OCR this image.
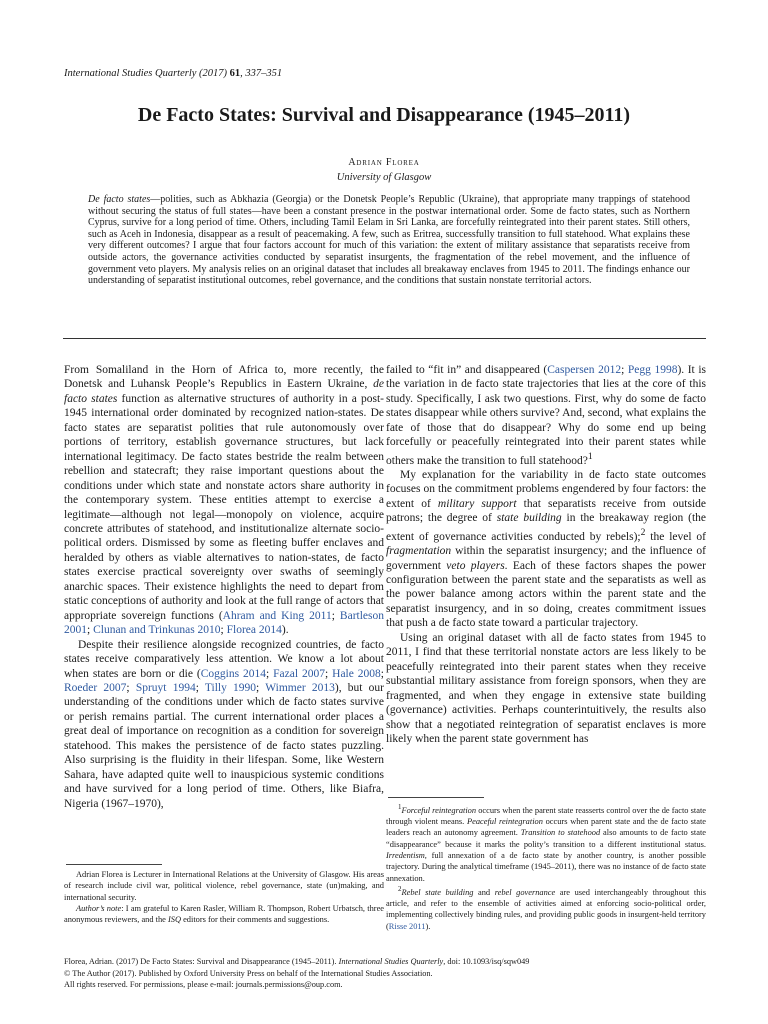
International Studies Quarterly (2017) 61, 337–351
De Facto States: Survival and Disappearance (1945–2011)
Adrian Florea
University of Glasgow

De facto states—polities, such as Abkhazia (Georgia) or the Donetsk People’s Republic (Ukraine), that appropriate many trappings of statehood without securing the status of full states—have been a constant presence in the postwar international order. Some de facto states, such as Northern Cyprus, survive for a long period of time. Others, including Tamil Eelam in Sri Lanka, are forcefully reintegrated into their parent states. Still others, such as Aceh in Indonesia, disappear as a result of peacemaking. A few, such as Eritrea, successfully transition to full statehood. What explains these very different outcomes? I argue that four factors account for much of this variation: the extent of military assistance that separatists receive from outside actors, the governance activities conducted by separatist insurgents, the fragmentation of the rebel movement, and the influence of government veto players. My analysis relies on an original dataset that includes all breakaway enclaves from 1945 to 2011. The findings enhance our understanding of separatist institutional outcomes, rebel governance, and the conditions that sustain nonstate territorial actors.

From Somaliland in the Horn of Africa to, more recently, the Donetsk and Luhansk People’s Republics in Eastern Ukraine, de facto states function as alternative structures of authority in a post-1945 international order dominated by recognized nation-states. De facto states are separatist polities that rule autonomously over portions of territory, establish governance structures, but lack international legitimacy. De facto states bestride the realm between rebellion and statecraft; they raise important questions about the conditions under which state and nonstate actors share authority in the contemporary system. These entities attempt to exercise a legitimate—although not legal—monopoly on violence, acquire concrete attributes of statehood, and institutionalize alternate socio-political orders. Dismissed by some as fleeting buffer enclaves and heralded by others as viable alternatives to nation-states, de facto states exercise practical sovereignty over swaths of seemingly anarchic spaces. Their existence highlights the need to depart from static conceptions of authority and look at the full range of actors that appropriate sovereign functions (Ahram and King 2011; Bartleson 2001; Clunan and Trinkunas 2010; Florea 2014).

Despite their resilience alongside recognized countries, de facto states receive comparatively less attention. We know a lot about when states are born or die (Coggins 2014; Fazal 2007; Hale 2008; Roeder 2007; Spruyt 1994; Tilly 1990; Wimmer 2013), but our understanding of the conditions under which de facto states survive or perish remains partial. The current international order places a great deal of importance on recognition as a condition for sovereign statehood. This makes the persistence of de facto states puzzling. Also surprising is the fluidity in their lifespan. Some, like Western Sahara, have adapted quite well to inauspicious systemic conditions and have survived for a long period of time. Others, like Biafra, Nigeria (1967–1970),

failed to “fit in” and disappeared (Caspersen 2012; Pegg 1998). It is the variation in de facto state trajectories that lies at the core of this study. Specifically, I ask two questions. First, why do some de facto states disappear while others survive? And, second, what explains the fate of those that do disappear? Why do some end up being forcefully or peacefully reintegrated into their parent states while others make the transition to full statehood?$^1$

My explanation for the variability in de facto state outcomes focuses on the commitment problems engendered by four factors: the extent of military support that separatists receive from outside patrons; the degree of state building in the breakaway region (the extent of governance activities conducted by rebels);$^2$ the level of fragmentation within the separatist insurgency; and the influence of government veto players. Each of these factors shapes the power configuration between the parent state and the separatists as well as the power balance among actors within the parent state and the separatist insurgency, and in so doing, creates commitment issues that push a de facto state toward a particular trajectory.

Using an original dataset with all de facto states from 1945 to 2011, I find that these territorial nonstate actors are less likely to be peacefully reintegrated into their parent states when they receive substantial military assistance from foreign sponsors, when they are fragmented, and when they engage in extensive state building (governance) activities. Perhaps counterintuitively, the results also show that a negotiated reintegration of separatist enclaves is more likely when the parent state government has

$^1$Forceful reintegration occurs when the parent state reasserts control over the de facto state through violent means. Peaceful reintegration occurs when parent state and the de facto state leaders reach an autonomy agreement. Transition to statehood also amounts to de facto state “disappearance” because it marks the polity’s transition to a different institutional status. Irredentism, full annexation of a de facto state by another country, is another possible trajectory. During the analytical timeframe (1945–2011), there was no instance of de facto state annexation.

$^2$Rebel state building and rebel governance are used interchangeably throughout this article, and refer to the ensemble of activities aimed at enforcing socio-political order, implementing collectively binding rules, and providing public goods in insurgent-held territory (Risse 2011).

Adrian Florea is Lecturer in International Relations at the University of Glasgow. His areas of research include civil war, political violence, rebel governance, state (un)making, and international security.

Author’s note: I am grateful to Karen Rasler, William R. Thompson, Robert Urbatsch, three anonymous reviewers, and the ISQ editors for their comments and suggestions.

Florea, Adrian. (2017) De Facto States: Survival and Disappearance (1945–2011). International Studies Quarterly, doi: 10.1093/isq/sqw049

© The Author (2017). Published by Oxford University Press on behalf of the International Studies Association.

All rights reserved. For permissions, please e-mail: journals.permissions@oup.com.
